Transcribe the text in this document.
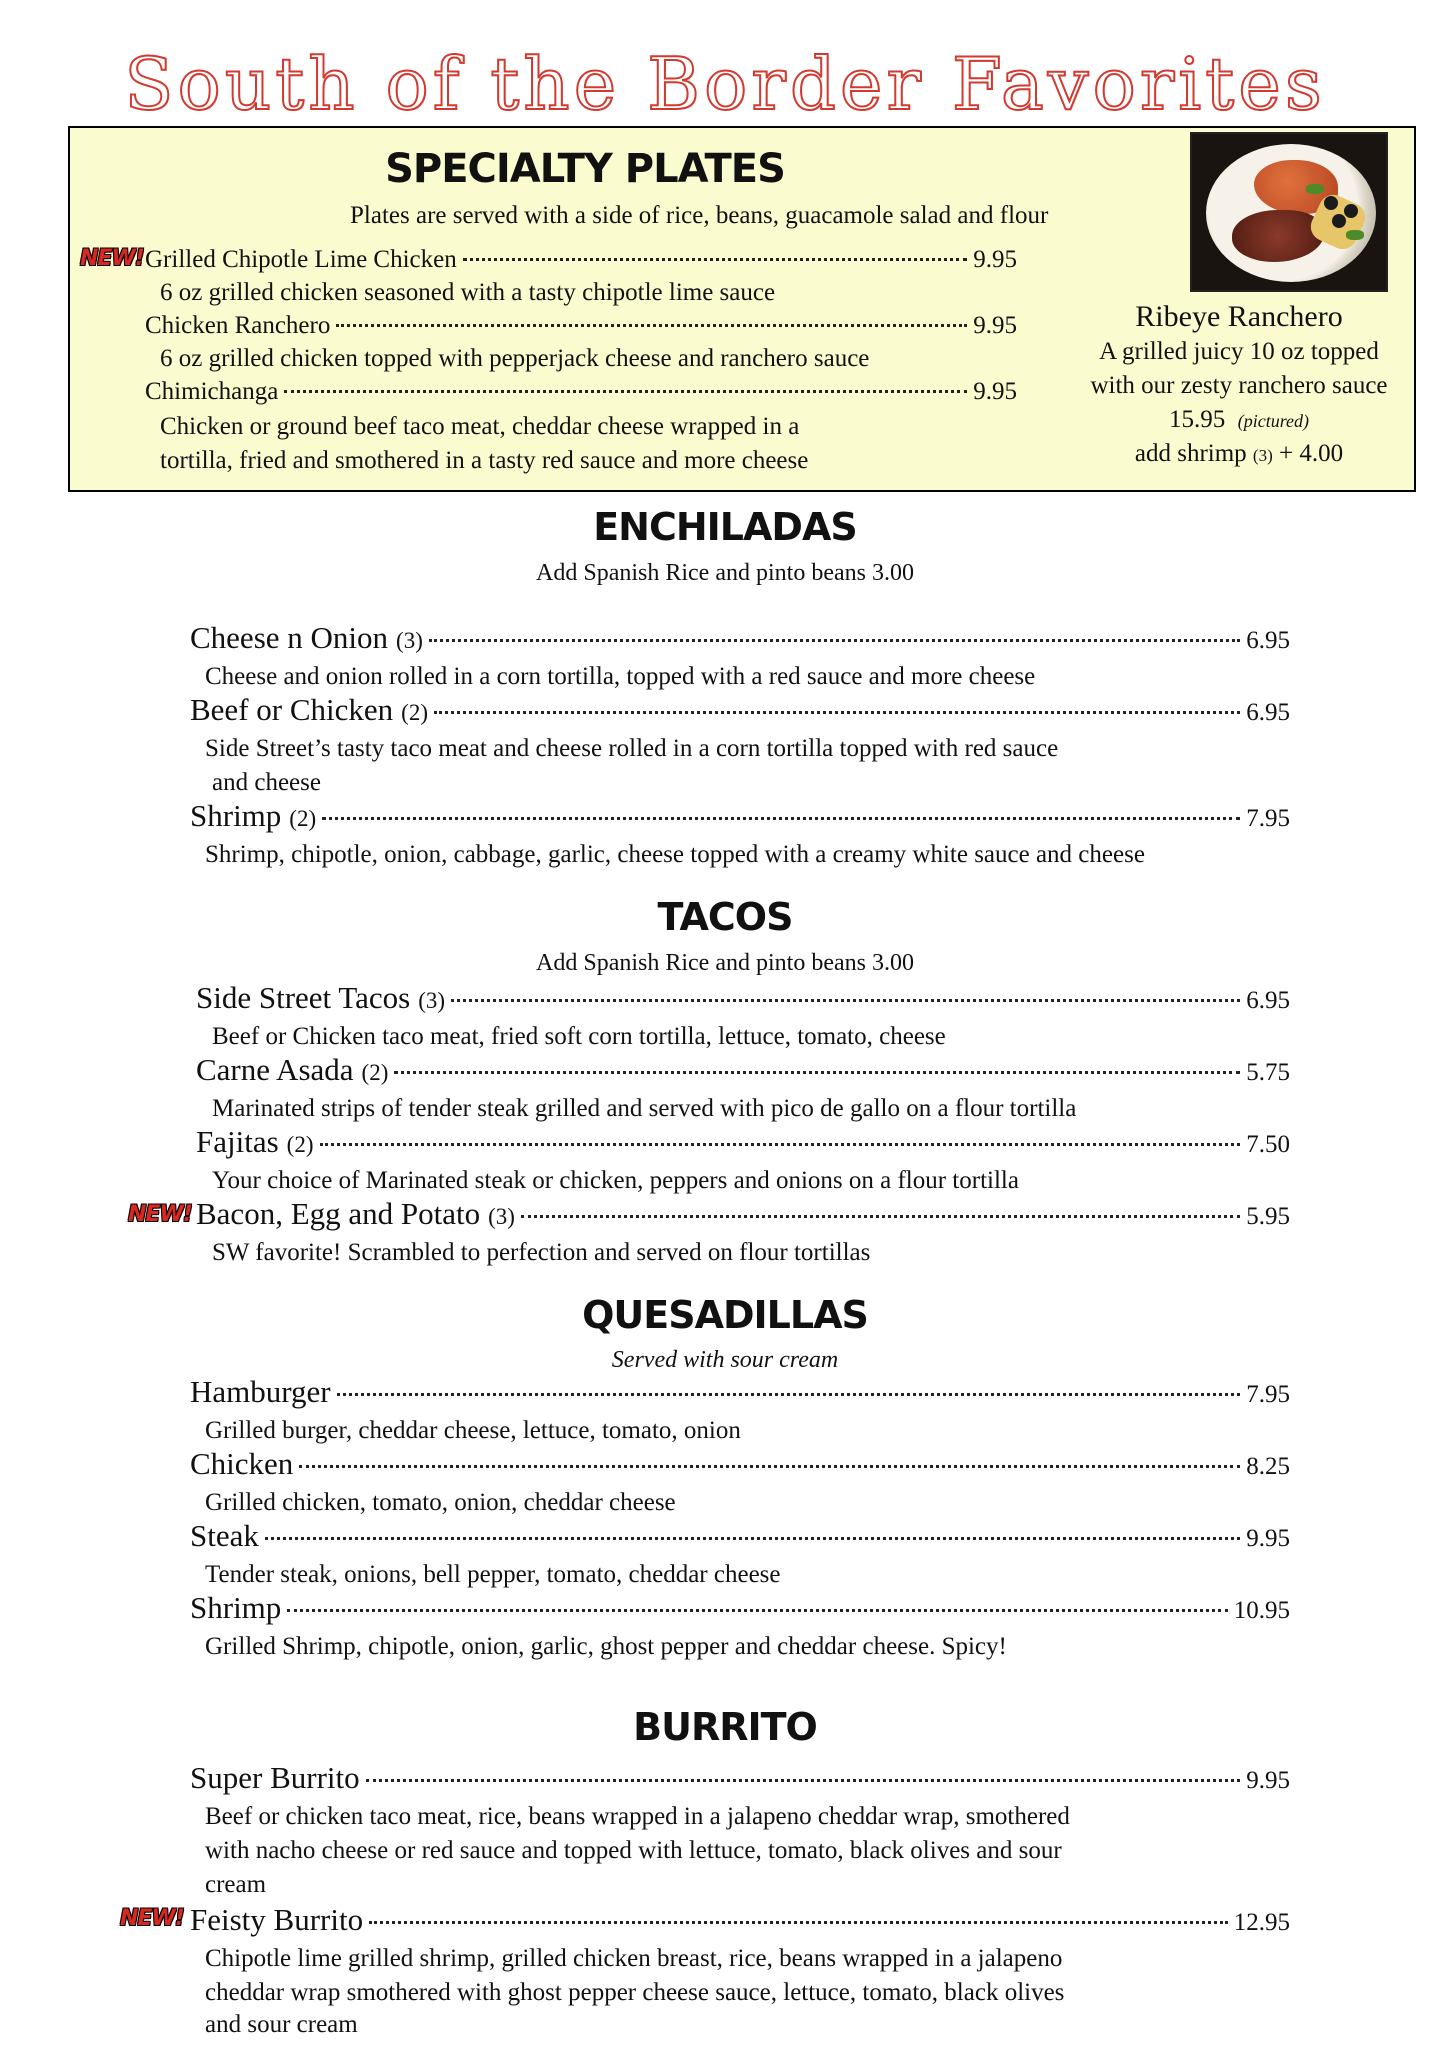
South of the Border Favorites
SPECIALTY PLATES
Plates are served with a side of rice, beans, guacamole salad and flour
Ribeye Ranchero
A grilled juicy 10 oz topped
with our zesty ranchero sauce
15.95 (pictured)
add shrimp (3) + 4.00
NEW! Grilled Chipotle Lime Chicken	9.95
6 oz grilled chicken seasoned with a tasty chipotle lime sauce
Chicken Ranchero	9.95
6 oz grilled chicken topped with pepperjack cheese and ranchero sauce
Chimichanga	9.95
Chicken or ground beef taco meat, cheddar cheese wrapped in a
tortilla, fried and smothered in a tasty red sauce and more cheese
ENCHILADAS
Add Spanish Rice and pinto beans 3.00
Cheese n Onion (3)	6.95
Cheese and onion rolled in a corn tortilla, topped with a red sauce and more cheese
Beef or Chicken (2)	6.95
Side Street’s tasty taco meat and cheese rolled in a corn tortilla topped with red sauce
and cheese
Shrimp (2)	7.95
Shrimp, chipotle, onion, cabbage, garlic, cheese topped with a creamy white sauce and cheese
TACOS
Add Spanish Rice and pinto beans 3.00
Side Street Tacos (3)	6.95
Beef or Chicken taco meat, fried soft corn tortilla, lettuce, tomato, cheese
Carne Asada (2)	5.75
Marinated strips of tender steak grilled and served with pico de gallo on a flour tortilla
Fajitas (2)	7.50
Your choice of Marinated steak or chicken, peppers and onions on a flour tortilla
NEW! Bacon, Egg and Potato (3)	5.95
SW favorite! Scrambled to perfection and served on flour tortillas
QUESADILLAS
Served with sour cream
Hamburger	7.95
Grilled burger, cheddar cheese, lettuce, tomato, onion
Chicken	8.25
Grilled chicken, tomato, onion, cheddar cheese
Steak	9.95
Tender steak, onions, bell pepper, tomato, cheddar cheese
Shrimp	10.95
Grilled Shrimp, chipotle, onion, garlic, ghost pepper and cheddar cheese. Spicy!
BURRITO
Super Burrito	9.95
Beef or chicken taco meat, rice, beans wrapped in a jalapeno cheddar wrap, smothered
with nacho cheese or red sauce and topped with lettuce, tomato, black olives and sour
cream
NEW! Feisty Burrito	12.95
Chipotle lime grilled shrimp, grilled chicken breast, rice, beans wrapped in a jalapeno
cheddar wrap smothered with ghost pepper cheese sauce, lettuce, tomato, black olives
and sour cream
